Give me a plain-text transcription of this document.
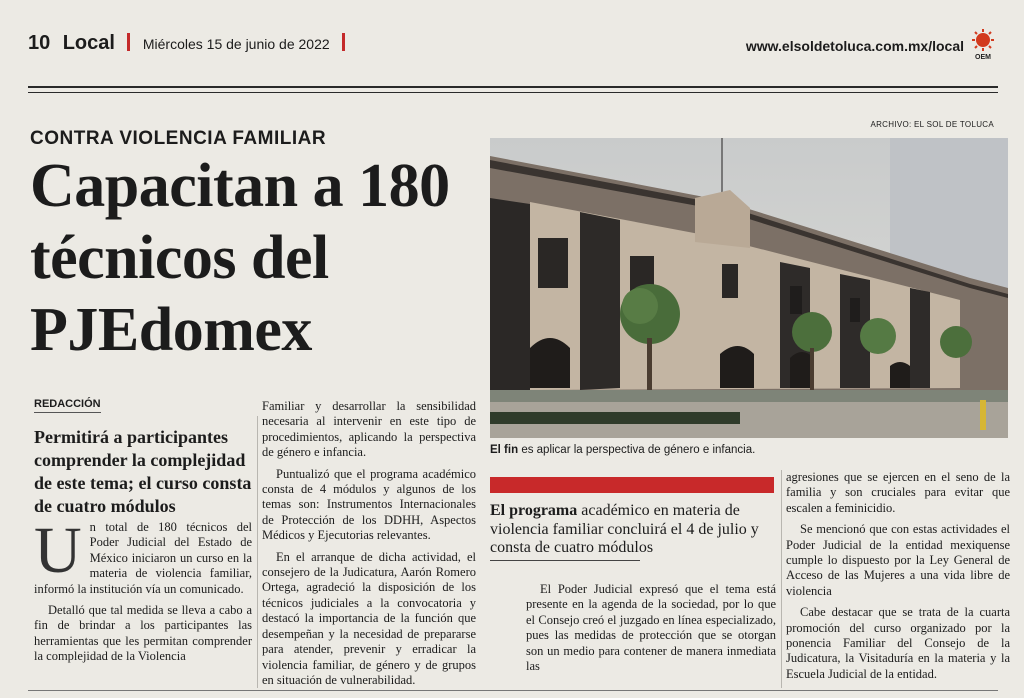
10 Local Miércoles 15 de junio de 2022	www.elsoldetoluca.com.mx/local
OEM
CONTRA VIOLENCIA FAMILIAR
Capacitan a 180 técnicos del PJEdomex
REDACCIÓN
Permitirá a participantes comprender la complejidad de este tema; el curso consta de cuatro módulos
U n total de 180 técnicos del Poder Judicial del Estado de México iniciaron un curso en la materia de violencia familiar, informó la institución vía un comunicado.

Detalló que tal medida se lleva a cabo a fin de brindar a los participantes las herramientas que les permitan comprender la complejidad de la Violencia

Familiar y desarrollar la sensibilidad necesaria al intervenir en este tipo de procedimientos, aplicando la perspectiva de género e infancia.

Puntualizó que el programa académico consta de 4 módulos y algunos de los temas son: Instrumentos Internacionales de Protección de los DDHH, Aspectos Médicos y Ejecutorias relevantes.

En el arranque de dicha actividad, el consejero de la Judicatura, Aarón Romero Ortega, agradeció la disposición de los técnicos judiciales a la convocatoria y destacó la importancia de la función que desempeñan y la necesidad de prepararse para atender, prevenir y erradicar la violencia familiar, de género y de grupos en situación de vulnerabilidad.

ARCHIVO: EL SOL DE TOLUCA
El fin es aplicar la perspectiva de género e infancia.
El programa académico en materia de violencia familiar concluirá el 4 de julio y consta de cuatro módulos

El Poder Judicial expresó que el tema está presente en la agenda de la sociedad, por lo que el Consejo creó el juzgado en línea especializado, pues las medidas de protección que se otorgan son un medio para contener de manera inmediata las

agresiones que se ejercen en el seno de la familia y son cruciales para evitar que escalen a feminicidio.

Se mencionó que con estas actividades el Poder Judicial de la entidad mexiquense cumple lo dispuesto por la Ley General de Acceso de las Mujeres a una vida libre de violencia

Cabe destacar que se trata de la cuarta promoción del curso organizado por la ponencia Familiar del Consejo de la Judicatura, la Visitaduría en la materia y la Escuela Judicial de la entidad.
